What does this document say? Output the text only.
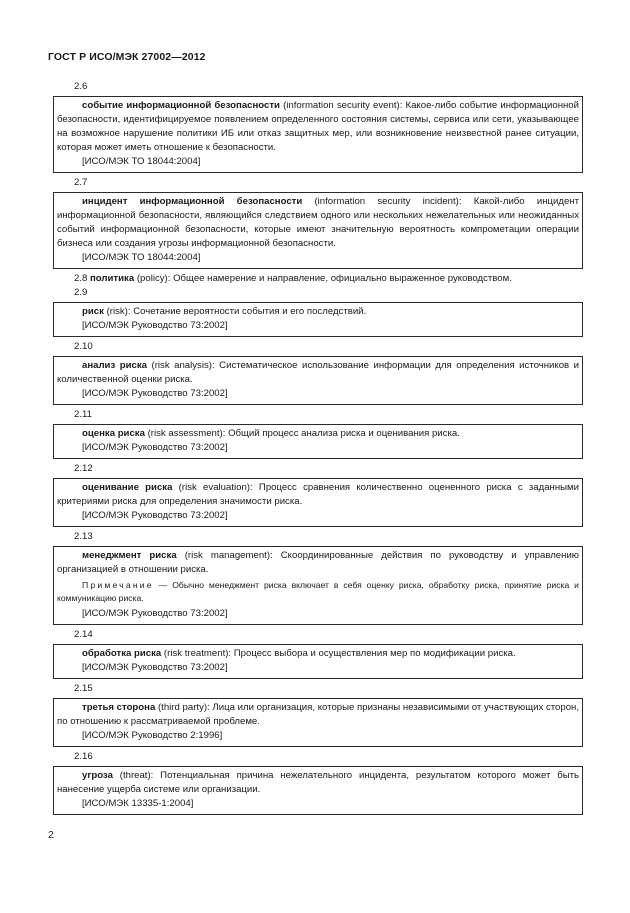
ГОСТ Р ИСО/МЭК 27002—2012
2.6
событие информационной безопасности (information security event): Какое-либо событие информационной безопасности, идентифицируемое появлением определенного состояния системы, сервиса или сети, указывающее на возможное нарушение политики ИБ или отказ защитных мер, или возникновение неизвестной ранее ситуации, которая может иметь отношение к безопасности.
[ИСО/МЭК ТО 18044:2004]
2.7
инцидент информационной безопасности (information security incident): Какой-либо инцидент информационной безопасности, являющийся следствием одного или нескольких нежелательных или неожиданных событий информационной безопасности, которые имеют значительную вероятность компрометации операции бизнеса или создания угрозы информационной безопасности.
[ИСО/МЭК ТО 18044:2004]
2.8 политика (policy): Общее намерение и направление, официально выраженное руководством.
2.9
риск (risk): Сочетание вероятности события и его последствий.
[ИСО/МЭК Руководство 73:2002]
2.10
анализ риска (risk analysis): Систематическое использование информации для определения источников и количественной оценки риска.
[ИСО/МЭК Руководство 73:2002]
2.11
оценка риска (risk assessment): Общий процесс анализа риска и оценивания риска.
[ИСО/МЭК Руководство 73:2002]
2.12
оценивание риска (risk evaluation): Процесс сравнения количественно оцененного риска с заданными критериями риска для определения значимости риска.
[ИСО/МЭК Руководство 73:2002]
2.13
менеджмент риска (risk management): Скоординированные действия по руководству и управлению организацией в отношении риска.
Примечание — Обычно менеджмент риска включает в себя оценку риска, обработку риска, принятие риска и коммуникацию риска.
[ИСО/МЭК Руководство 73:2002]
2.14
обработка риска (risk treatment): Процесс выбора и осуществления мер по модификации риска.
[ИСО/МЭК Руководство 73:2002]
2.15
третья сторона (third party): Лица или организация, которые признаны независимыми от участвующих сторон, по отношению к рассматриваемой проблеме.
[ИСО/МЭК Руководство 2:1996]
2.16
угроза (threat): Потенциальная причина нежелательного инцидента, результатом которого может быть нанесение ущерба системе или организации.
[ИСО/МЭК 13335-1:2004]
2
